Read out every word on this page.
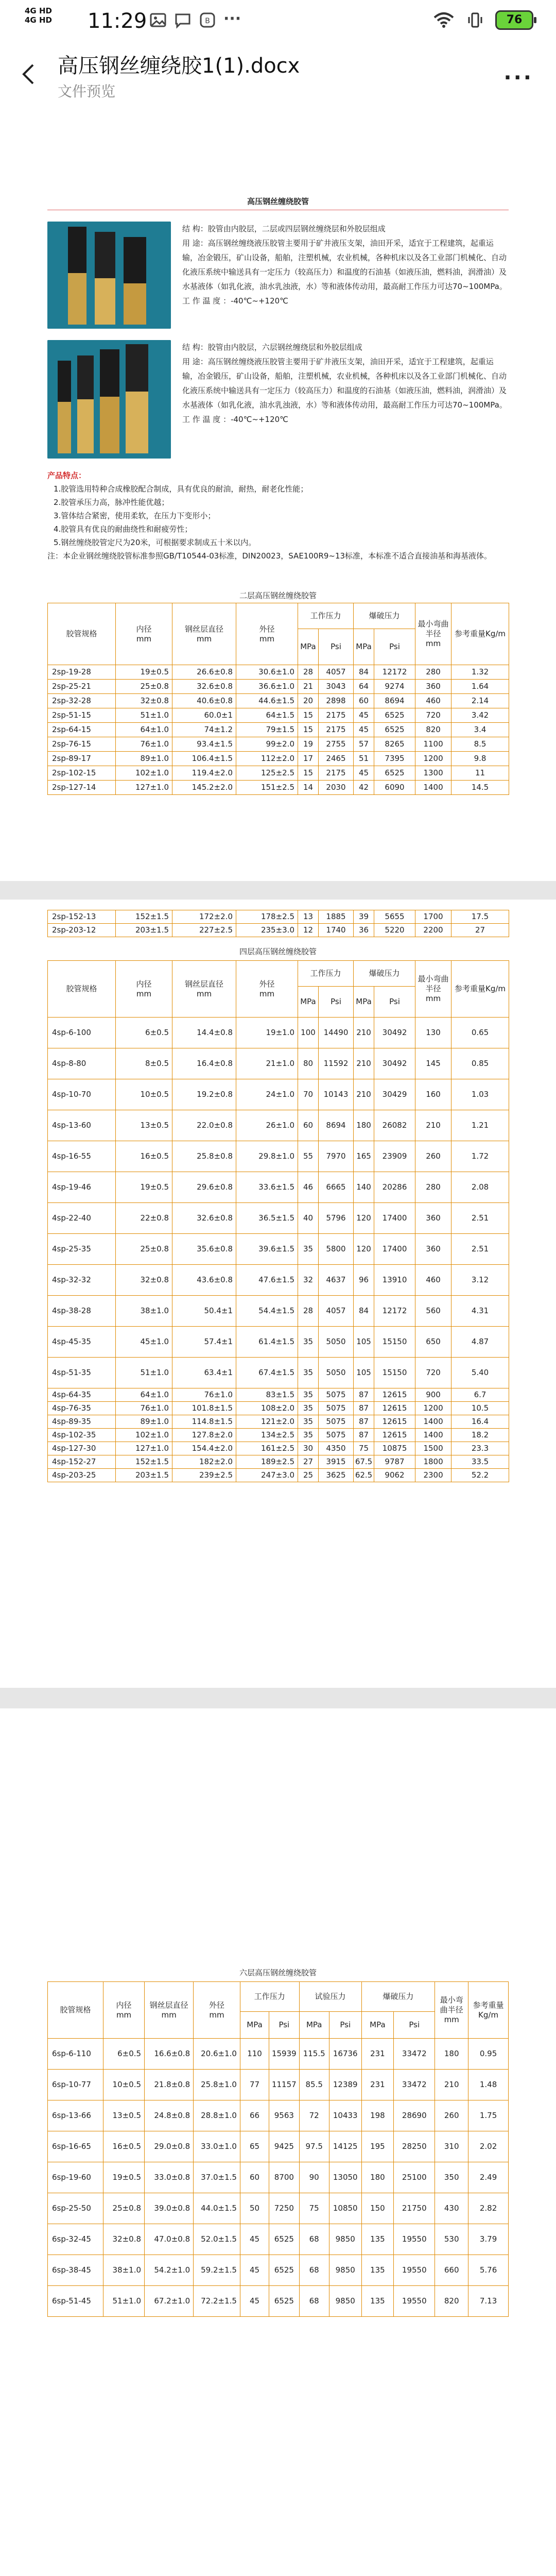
4G HD
4G HD 11:29	B ···	76
高压钢丝缠绕胶1(1).docx
文件预览
···
高压钢丝缠绕胶管

结 构：胶管由内胶层，二层或四层钢丝缠绕层和外胶层组成

用 途：高压钢丝缠绕液压胶管主要用于矿井液压支架，油田开采，适宜于工程建筑，起重运输，冶金锻压，矿山设备，船舶，注塑机械，农业机械，各种机床以及各工业部门机械化、自动化液压系统中输送具有一定压力（较高压力）和温度的石油基（如液压油，燃料油，润滑油）及水基液体（如乳化液，油水乳浊液，水）等和液体传动用，最高耐工作压力可达70~100MPa。

工 作 温 度 ：-40℃~+120℃

结 构：胶管由内胶层，六层钢丝缠绕层和外胶层组成

用 途：高压钢丝缠绕液压胶管主要用于矿井液压支架，油田开采，适宜于工程建筑，起重运输，冶金锻压，矿山设备，船舶，注塑机械，农业机械，各种机床以及各工业部门机械化、自动化液压系统中输送具有一定压力（较高压力）和温度的石油基（如液压油，燃料油，润滑油）及水基液体（如乳化液，油水乳浊液，水）等和液体传动用，最高耐工作压力可达70~100MPa。

工 作 温 度 ：-40℃~+120℃

产品特点：
1.胶管选用特种合成橡胶配合制成，具有优良的耐油，耐热，耐老化性能；
2.胶管承压力高，脉冲性能优越；
3.管体结合紧密，使用柔软，在压力下变形小；
4.胶管具有优良的耐曲绕性和耐疲劳性；
5.钢丝缠绕胶管定尺为20米，可根据要求制成五十米以内。
注：本企业钢丝缠绕胶管标准参照GB/T10544-03标准，DIN20023，SAE100R9~13标准，本标准不适合直接油基和海基液体。
二层高压钢丝缠绕胶管
胶管规格	内径
mm	钢丝层直径
mm	外径
mm	工作压力		爆破压力		最小弯曲半径
mm	参考重量Kg/m
				MPa	Psi	MPa	Psi		
2sp-19-28	19±0.5	26.6±0.8	30.6±1.0	28	4057	84	12172	280	1.32
2sp-25-21	25±0.8	32.6±0.8	36.6±1.0	21	3043	64	9274	360	1.64
2sp-32-28	32±0.8	40.6±0.8	44.6±1.5	20	2898	60	8694	460	2.14
2sp-51-15	51±1.0	60.0±1	64±1.5	15	2175	45	6525	720	3.42
2sp-64-15	64±1.0	74±1.2	79±1.5	15	2175	45	6525	820	3.4
2sp-76-15	76±1.0	93.4±1.5	99±2.0	19	2755	57	8265	1100	8.5
2sp-89-17	89±1.0	106.4±1.5	112±2.0	17	2465	51	7395	1200	9.8
2sp-102-15	102±1.0	119.4±2.0	125±2.5	15	2175	45	6525	1300	11
2sp-127-14	127±1.0	145.2±2.0	151±2.5	14	2030	42	6090	1400	14.5
2sp-152-13	152±1.5	172±2.0	178±2.5	13	1885	39	5655	1700	17.5
2sp-203-12	203±1.5	227±2.5	235±3.0	12	1740	36	5220	2200	27
四层高压钢丝缠绕胶管
胶管规格	内径
mm	钢丝层直径
mm	外径
mm	工作压力		爆破压力		最小弯曲半径
mm	参考重量Kg/m
				MPa	Psi	MPa	Psi		
4sp-6-100	6±0.5	14.4±0.8	19±1.0	100	14490	210	30492	130	0.65
4sp-8-80	8±0.5	16.4±0.8	21±1.0	80	11592	210	30492	145	0.85
4sp-10-70	10±0.5	19.2±0.8	24±1.0	70	10143	210	30429	160	1.03
4sp-13-60	13±0.5	22.0±0.8	26±1.0	60	8694	180	26082	210	1.21
4sp-16-55	16±0.5	25.8±0.8	29.8±1.0	55	7970	165	23909	260	1.72
4sp-19-46	19±0.5	29.6±0.8	33.6±1.5	46	6665	140	20286	280	2.08
4sp-22-40	22±0.8	32.6±0.8	36.5±1.5	40	5796	120	17400	360	2.51
4sp-25-35	25±0.8	35.6±0.8	39.6±1.5	35	5800	120	17400	360	2.51
4sp-32-32	32±0.8	43.6±0.8	47.6±1.5	32	4637	96	13910	460	3.12
4sp-38-28	38±1.0	50.4±1	54.4±1.5	28	4057	84	12172	560	4.31
4sp-45-35	45±1.0	57.4±1	61.4±1.5	35	5050	105	15150	650	4.87
4sp-51-35	51±1.0	63.4±1	67.4±1.5	35	5050	105	15150	720	5.40
4sp-64-35	64±1.0	76±1.0	83±1.5	35	5075	87	12615	900	6.7
4sp-76-35	76±1.0	101.8±1.5	108±2.0	35	5075	87	12615	1200	10.5
4sp-89-35	89±1.0	114.8±1.5	121±2.0	35	5075	87	12615	1400	16.4
4sp-102-35	102±1.0	127.8±2.0	134±2.5	35	5075	87	12615	1400	18.2
4sp-127-30	127±1.0	154.4±2.0	161±2.5	30	4350	75	10875	1500	23.3
4sp-152-27	152±1.5	182±2.0	189±2.5	27	3915	67.5	9787	1800	33.5
4sp-203-25	203±1.5	239±2.5	247±3.0	25	3625	62.5	9062	2300	52.2
六层高压钢丝缠绕胶管
胶管规格	内径
mm	钢丝层直径
mm	外径
mm	工作压力		试验压力		爆破压力		最小弯曲半径
mm	参考重量Kg/m
				MPa	Psi	MPa	Psi	MPa	Psi		
6sp-6-110	6±0.5	16.6±0.8	20.6±1.0	110	15939	115.5	16736	231	33472	180	0.95
6sp-10-77	10±0.5	21.8±0.8	25.8±1.0	77	11157	85.5	12389	231	33472	210	1.48
6sp-13-66	13±0.5	24.8±0.8	28.8±1.0	66	9563	72	10433	198	28690	260	1.75
6sp-16-65	16±0.5	29.0±0.8	33.0±1.0	65	9425	97.5	14125	195	28250	310	2.02
6sp-19-60	19±0.5	33.0±0.8	37.0±1.5	60	8700	90	13050	180	25100	350	2.49
6sp-25-50	25±0.8	39.0±0.8	44.0±1.5	50	7250	75	10850	150	21750	430	2.82
6sp-32-45	32±0.8	47.0±0.8	52.0±1.5	45	6525	68	9850	135	19550	530	3.79
6sp-38-45	38±1.0	54.2±1.0	59.2±1.5	45	6525	68	9850	135	19550	660	5.76
6sp-51-45	51±1.0	67.2±1.0	72.2±1.5	45	6525	68	9850	135	19550	820	7.13
